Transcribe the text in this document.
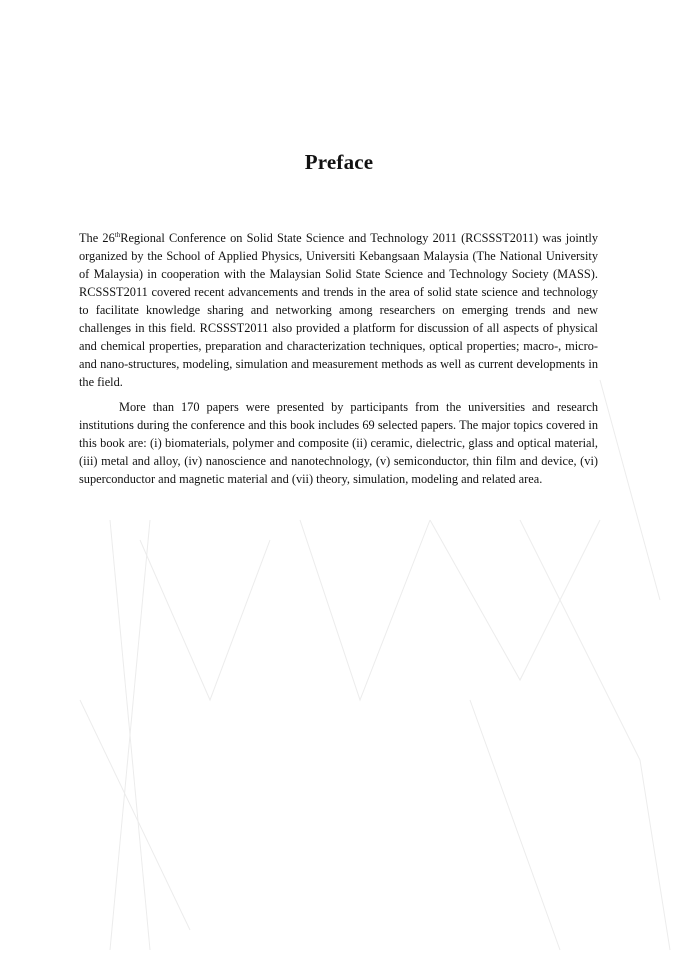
Preface

The 26thRegional Conference on Solid State Science and Technology 2011 (RCSSST2011) was jointly organized by the School of Applied Physics, Universiti Kebangsaan Malaysia (The National University of Malaysia) in cooperation with the Malaysian Solid State Science and Technology Society (MASS). RCSSST2011 covered recent advancements and trends in the area of solid state science and technology to facilitate knowledge sharing and networking among researchers on emerging trends and new challenges in this field. RCSSST2011 also provided a platform for discussion of all aspects of physical and chemical properties, preparation and characterization techniques, optical properties; macro-, micro- and nano-structures, modeling, simulation and measurement methods as well as current developments in the field.

More than 170 papers were presented by participants from the universities and research institutions during the conference and this book includes 69 selected papers. The major topics covered in this book are: (i) biomaterials, polymer and composite (ii) ceramic, dielectric, glass and optical material, (iii) metal and alloy, (iv) nanoscience and nanotechnology, (v) semiconductor, thin film and device, (vi) superconductor and magnetic material and (vii) theory, simulation, modeling and related area.
